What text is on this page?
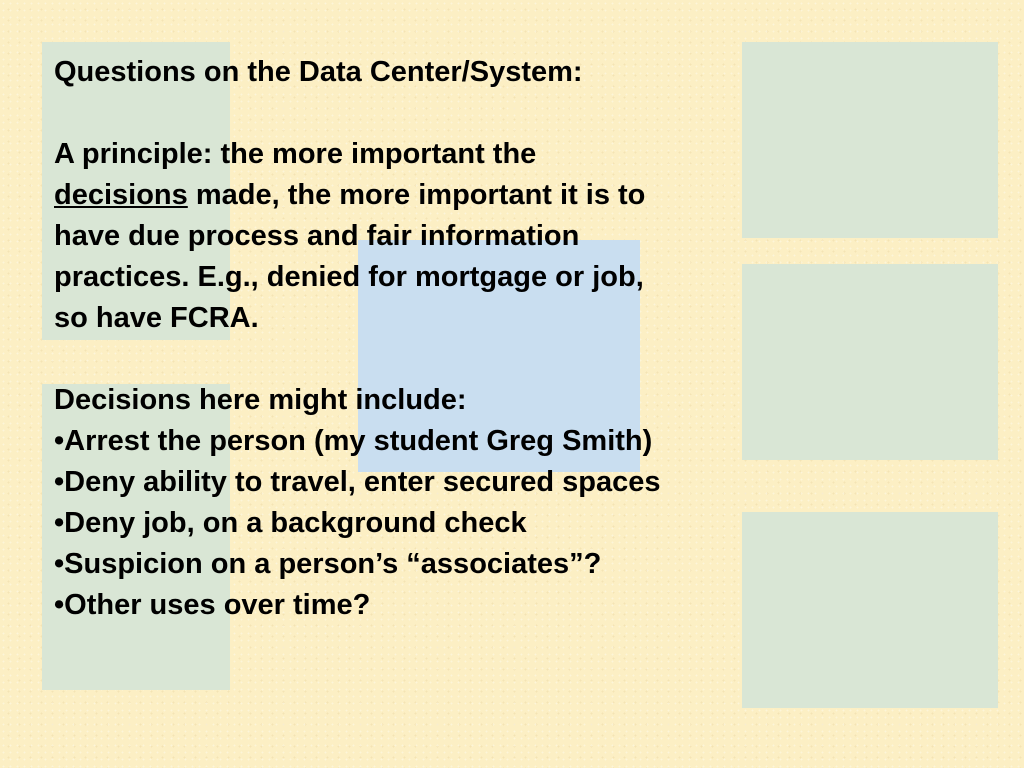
Questions on the Data Center/System:
A principle: the more important the
decisions made, the more important it is to
have due process and fair information
practices. E.g., denied for mortgage or job,
so have FCRA.
Decisions here might include:
•Arrest the person (my student Greg Smith)
•Deny ability to travel, enter secured spaces
•Deny job, on a background check
•Suspicion on a person’s “associates”?
•Other uses over time?
